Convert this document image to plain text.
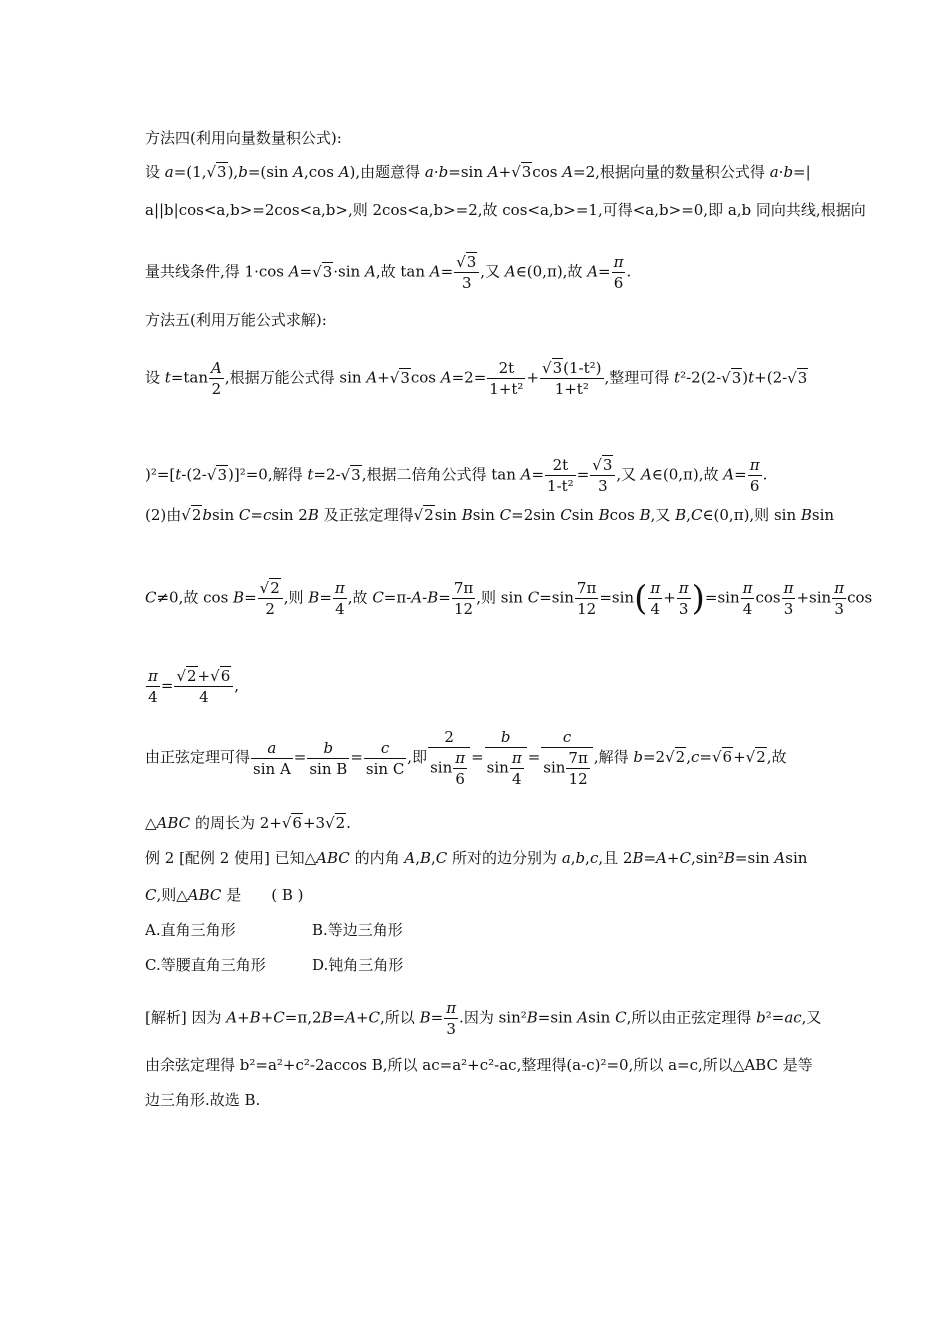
方法四(利用向量数量积公式):
设 a=(1,√3),b=(sin A,cos A),由题意得 a·b=sin A+√3cos A=2,根据向量的数量积公式得 a·b=|
a||b|cos<a,b>=2cos<a,b>,则 2cos<a,b>=2,故 cos<a,b>=1,可得<a,b>=0,即 a,b 同向共线,根据向
量共线条件,得 1·cos A=√3·sin A,故 $\tan A= \frac{√3}{3}$ ,又 A∈(0,π),故 $A= \frac{\pi}{6}$ .
方法五(利用万能公式求解):
设 $t=\tan \frac{A}{2}$ ,根据万能公式得 sin A+√3cos $A=2= \frac{2t}{\text{1+t²}} + \frac{\text{√3(1-t²)}}{\text{1+t²}}$ ,整理可得 t²-2(2-√3)t+(2-√3
)²=[t-(2-√3)]²=0,解得 t=2-√3,根据二倍角公式得 $\tan A= \frac{2t}{\text{1-t²}} = \frac{√3}{3}$ ,又 A∈(0,π),故 $A= \frac{\pi}{6}$ .
(2)由√2bsin C=csin 2B 及正弦定理得√2sin Bsin C=2sin Csin Bcos B,又 B,C∈(0,π),则 sin Bsin
C≠0,故 $\cos B= \frac{√2}{2}$ ,则 $B= \frac{\pi}{4}$ ,故 $C=\pi-A-B= \frac{7\pi}{12}$ ,则 $\sin C=\sin \frac{7\pi}{12} =\sin( \frac{\pi}{4} + \frac{\pi}{3} )=\sin \frac{\pi}{4}$ $\cos \frac{\pi}{3} +\sin \frac{\pi}{3}$ cos
$\frac{\pi}{4} = \frac{√2+√6}{4}$ ,
由正弦定理可得 $\frac{a}{\text{sin A}} = \frac{b}{\text{sin B}} = \frac{c}{\text{sin C}}$ ,即 $\frac{2}{\sin \frac{\pi}{6}} = \frac{b}{\sin \frac{\pi}{4}} = \frac{c}{\sin \frac{7\pi}{12}}$ ,解得 b=2√2,c=√6+√2,故
△ABC 的周长为 2+√6+3√2.
例 2 [配例 2 使用] 已知△ABC 的内角 A,B,C 所对的边分别为 a,b,c,且 2B=A+C,sin²B=sin Asin
C,则△ABC 是 ( B )
A.直角三角形	B.等边三角形
C.等腰直角三角形	D.钝角三角形
[解析] 因为 A+B+C=π,2B=A+C,所以 $B= \frac{\pi}{3}$ .因为 sin²B=sin Asin C,所以由正弦定理得 b²=ac,又
由余弦定理得 b²=a²+c²-2accos B,所以 ac=a²+c²-ac,整理得(a-c)²=0,所以 a=c,所以△ABC 是等
边三角形.故选 B.
